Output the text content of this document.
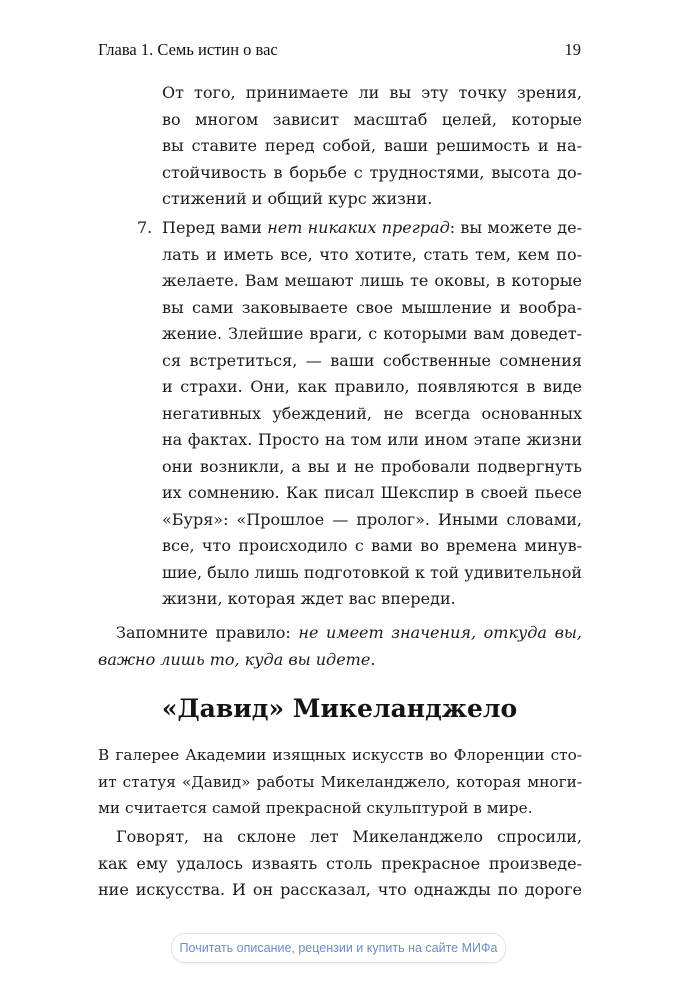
Глава 1. Семь истин о вас	19
От того, принимаете ли вы эту точку зрения,
во многом зависит масштаб целей, которые
вы ставите перед собой, ваши решимость и на-
стойчивость в борьбе с трудностями, высота до-
стижений и общий курс жизни.
7. Перед вами нет никаких преград: вы можете де-
лать и иметь все, что хотите, стать тем, кем по-
желаете. Вам мешают лишь те оковы, в которые
вы сами заковываете свое мышление и вообра-
жение. Злейшие враги, с которыми вам доведет-
ся встретиться, — ваши собственные сомнения
и страхи. Они, как правило, появляются в виде
негативных убеждений, не всегда основанных
на фактах. Просто на том или ином этапе жизни
они возникли, а вы и не пробовали подвергнуть
их сомнению. Как писал Шекспир в своей пьесе
«Буря»: «Прошлое — пролог». Иными словами,
все, что происходило с вами во времена минув-
шие, было лишь подготовкой к той удивительной
жизни, которая ждет вас впереди.
Запомните правило: не имеет значения, откуда вы,
важно лишь то, куда вы идете.
«Давид» Микеланджело
В галерее Академии изящных искусств во Флоренции сто-
ит статуя «Давид» работы Микеланджело, которая многи-
ми считается самой прекрасной скульптурой в мире.
Говорят, на склоне лет Микеланджело спросили,
как ему удалось изваять столь прекрасное произведе-
ние искусства. И он рассказал, что однажды по дороге
Почитать описание, рецензии и купить на сайте МИФа
